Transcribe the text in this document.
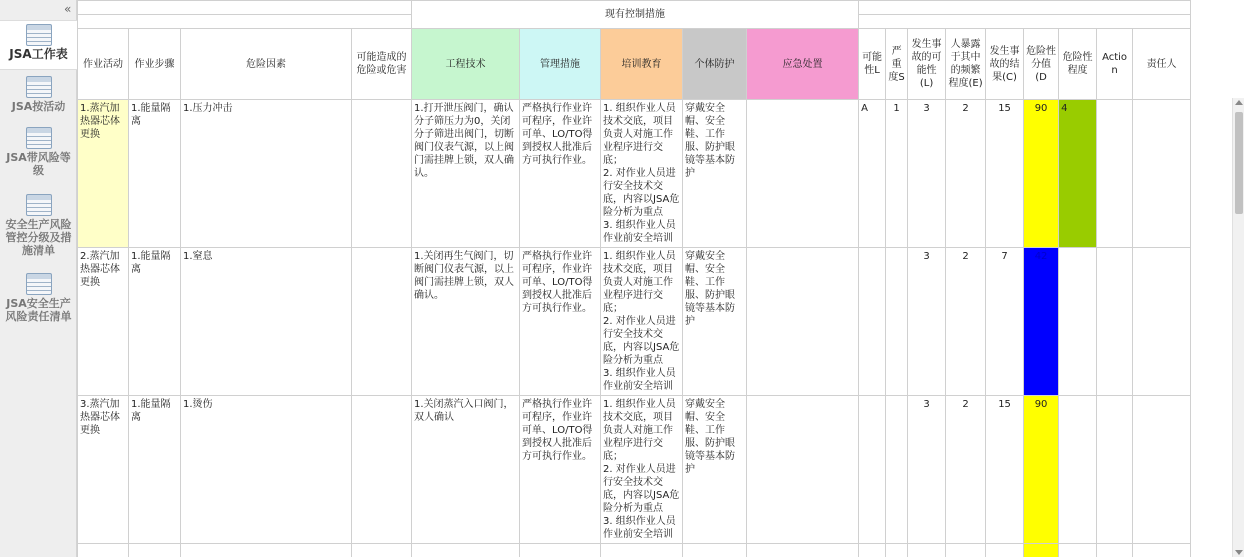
«
JSA工作表
JSA按活动
JSA带风险等级
安全生产风险管控分级及措施清单
JSA安全生产风险责任清单
				现有控制措施													

作业活动	作业步骤	危险因素	可能造成的危险或危害	工程技术	管理措施	培训教育	个体防护	应急处置	可能性L	严重度S	发生事故的可能性(L)	人暴露于其中的频繁程度(E)	发生事故的结果(C)	危险性分值(D	危险性程度	Action	责任人
1.蒸汽加热器芯体更换	1.能量隔离	1.压力冲击		1.打开泄压阀门，确认分子筛压力为0，关闭分子筛进出阀门，切断阀门仪表气源，以上阀门需挂牌上锁，双人确认。	严格执行作业许可程序，作业许可单、LO/TO得到授权人批准后方可执行作业。	1. 组织作业人员技术交底，项目负责人对施工作业程序进行交底；
2. 对作业人员进行安全技术交底，内容以JSA危险分析为重点
3. 组织作业人员作业前安全培训	穿戴安全帽、安全鞋、工作服、防护眼镜等基本防护		A	1	3	2	15	90	4		
2.蒸汽加热器芯体更换	1.能量隔离	1.窒息		1.关闭再生气阀门，切断阀门仪表气源，以上阀门需挂牌上锁，双人确认。	严格执行作业许可程序，作业许可单、LO/TO得到授权人批准后方可执行作业。	1. 组织作业人员技术交底，项目负责人对施工作业程序进行交底；
2. 对作业人员进行安全技术交底，内容以JSA危险分析为重点
3. 组织作业人员作业前安全培训	穿戴安全帽、安全鞋、工作服、防护眼镜等基本防护				3	2	7	42			
3.蒸汽加热器芯体更换	1.能量隔离	1.烫伤		1.关闭蒸汽入口阀门，双人确认	严格执行作业许可程序，作业许可单、LO/TO得到授权人批准后方可执行作业。	1. 组织作业人员技术交底，项目负责人对施工作业程序进行交底；
2. 对作业人员进行安全技术交底，内容以JSA危险分析为重点
3. 组织作业人员作业前安全培训	穿戴安全帽、安全鞋、工作服、防护眼镜等基本防护				3	2	15	90			
